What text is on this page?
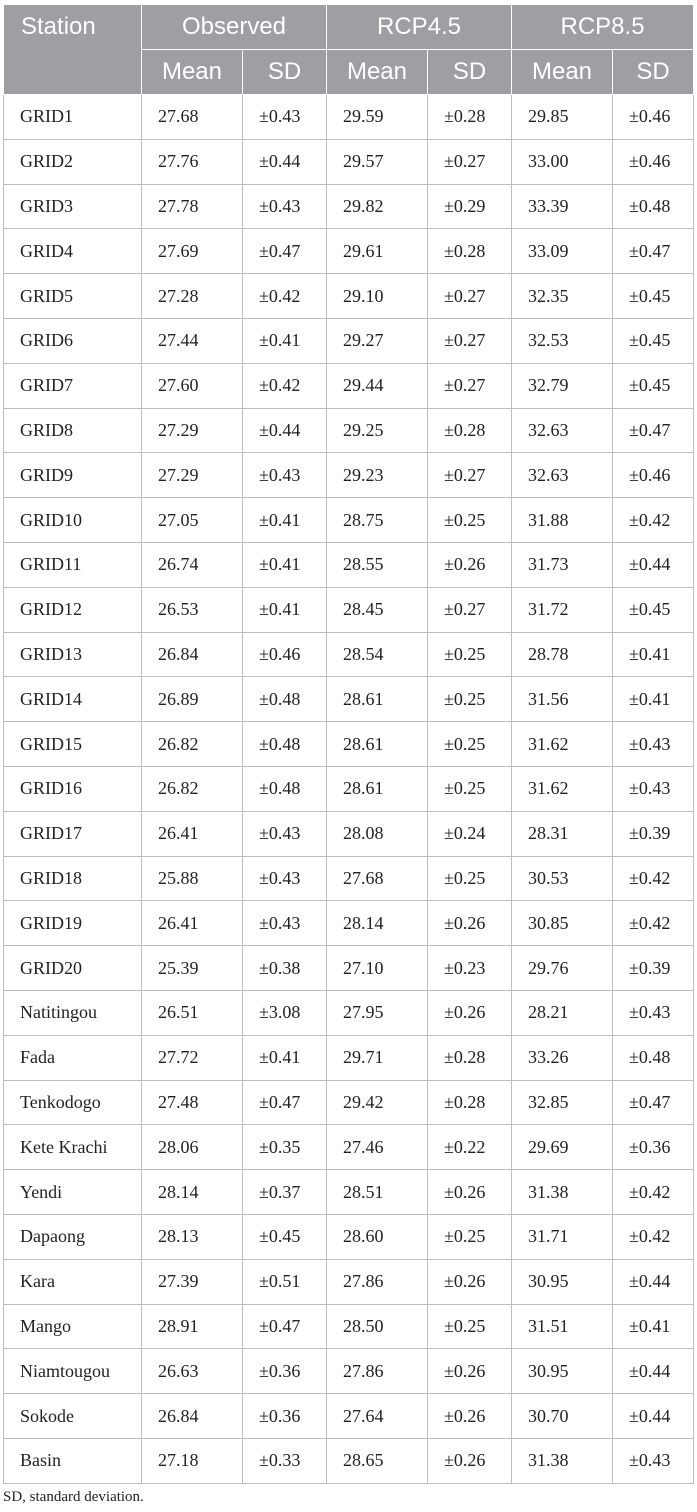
Station	Observed		RCP4.5		RCP8.5	
	Mean	SD	Mean	SD	Mean	SD
GRID1	27.68	±0.43	29.59	±0.28	29.85	±0.46
GRID2	27.76	±0.44	29.57	±0.27	33.00	±0.46
GRID3	27.78	±0.43	29.82	±0.29	33.39	±0.48
GRID4	27.69	±0.47	29.61	±0.28	33.09	±0.47
GRID5	27.28	±0.42	29.10	±0.27	32.35	±0.45
GRID6	27.44	±0.41	29.27	±0.27	32.53	±0.45
GRID7	27.60	±0.42	29.44	±0.27	32.79	±0.45
GRID8	27.29	±0.44	29.25	±0.28	32.63	±0.47
GRID9	27.29	±0.43	29.23	±0.27	32.63	±0.46
GRID10	27.05	±0.41	28.75	±0.25	31.88	±0.42
GRID11	26.74	±0.41	28.55	±0.26	31.73	±0.44
GRID12	26.53	±0.41	28.45	±0.27	31.72	±0.45
GRID13	26.84	±0.46	28.54	±0.25	28.78	±0.41
GRID14	26.89	±0.48	28.61	±0.25	31.56	±0.41
GRID15	26.82	±0.48	28.61	±0.25	31.62	±0.43
GRID16	26.82	±0.48	28.61	±0.25	31.62	±0.43
GRID17	26.41	±0.43	28.08	±0.24	28.31	±0.39
GRID18	25.88	±0.43	27.68	±0.25	30.53	±0.42
GRID19	26.41	±0.43	28.14	±0.26	30.85	±0.42
GRID20	25.39	±0.38	27.10	±0.23	29.76	±0.39
Natitingou	26.51	±3.08	27.95	±0.26	28.21	±0.43
Fada	27.72	±0.41	29.71	±0.28	33.26	±0.48
Tenkodogo	27.48	±0.47	29.42	±0.28	32.85	±0.47
Kete Krachi	28.06	±0.35	27.46	±0.22	29.69	±0.36
Yendi	28.14	±0.37	28.51	±0.26	31.38	±0.42
Dapaong	28.13	±0.45	28.60	±0.25	31.71	±0.42
Kara	27.39	±0.51	27.86	±0.26	30.95	±0.44
Mango	28.91	±0.47	28.50	±0.25	31.51	±0.41
Niamtougou	26.63	±0.36	27.86	±0.26	30.95	±0.44
Sokode	26.84	±0.36	27.64	±0.26	30.70	±0.44
Basin	27.18	±0.33	28.65	±0.26	31.38	±0.43
SD, standard deviation.
